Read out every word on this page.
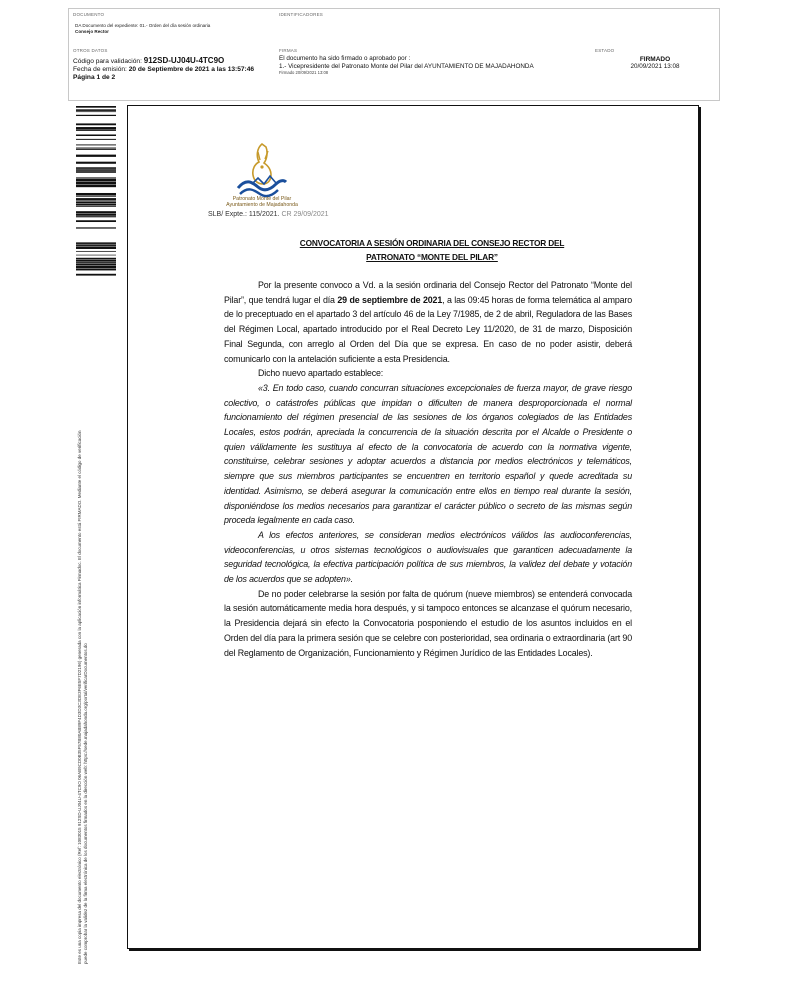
DOCUMENTO
DA Documento del expediente: 01.- Orden del día sesión ordinaria
Consejo Rector
IDENTIFICADORES
OTROS DATOS
Código para validación: 912SD-UJ04U-4TC9O
Fecha de emisión: 20 de Septiembre de 2021 a las 13:57:46
Página 1 de 2
FIRMAS
El documento ha sido firmado o aprobado por :
1.- Vicepresidente del Patronato Monte del Pilar del AYUNTAMIENTO DE MAJADAHONDA
Firmado 20/09/2021 13:08
ESTADO
FIRMADO
20/09/2021 13:08
Este es una copia impresa del documento electrónico (Ref: 1083015 912SD-UJ04U-4TC9O 06AB9CD0B35F57B80AB89F4D3D3C3DE3F6E5F7D2196) generada con la aplicación informática Firmadoc. El documento está FIRMADO. Mediante el código de verificación puede comprobar la validez de la firma electrónica de los documentos firmados en la dirección web: https://sede.majadahonda.org/portal/verificarDocumentos.do
Patronato Monte del Pilar
Ayuntamiento de Majadahonda
SLB/ Expte.: 115/2021. CR 29/09/2021
CONVOCATORIA A SESIÓN ORDINARIA DEL CONSEJO RECTOR DEL
PATRONATO “MONTE DEL PILAR”

Por la presente convoco a Vd. a la sesión ordinaria del Consejo Rector del Patronato “Monte del Pilar”, que tendrá lugar el día 29 de septiembre de 2021, a las 09:45 horas de forma telemática al amparo de lo preceptuado en el apartado 3 del artículo 46 de la Ley 7/1985, de 2 de abril, Reguladora de las Bases del Régimen Local, apartado introducido por el Real Decreto Ley 11/2020, de 31 de marzo, Disposición Final Segunda, con arreglo al Orden del Día que se expresa. En caso de no poder asistir, deberá comunicarlo con la antelación suficiente a esta Presidencia.

Dicho nuevo apartado establece:

«3. En todo caso, cuando concurran situaciones excepcionales de fuerza mayor, de grave riesgo colectivo, o catástrofes públicas que impidan o dificulten de manera desproporcionada el normal funcionamiento del régimen presencial de las sesiones de los órganos colegiados de las Entidades Locales, estos podrán, apreciada la concurrencia de la situación descrita por el Alcalde o Presidente o quien válidamente les sustituya al efecto de la convocatoria de acuerdo con la normativa vigente, constituirse, celebrar sesiones y adoptar acuerdos a distancia por medios electrónicos y telemáticos, siempre que sus miembros participantes se encuentren en territorio español y quede acreditada su identidad. Asimismo, se deberá asegurar la comunicación entre ellos en tiempo real durante la sesión, disponiéndose los medios necesarios para garantizar el carácter público o secreto de las mismas según proceda legalmente en cada caso.

A los efectos anteriores, se consideran medios electrónicos válidos las audioconferencias, videoconferencias, u otros sistemas tecnológicos o audiovisuales que garanticen adecuadamente la seguridad tecnológica, la efectiva participación política de sus miembros, la validez del debate y votación de los acuerdos que se adopten».

De no poder celebrarse la sesión por falta de quórum (nueve miembros) se entenderá convocada la sesión automáticamente media hora después, y si tampoco entonces se alcanzase el quórum necesario, la Presidencia dejará sin efecto la Convocatoria posponiendo el estudio de los asuntos incluidos en el Orden del día para la primera sesión que se celebre con posterioridad, sea ordinaria o extraordinaria (art 90 del Reglamento de Organización, Funcionamiento y Régimen Jurídico de las Entidades Locales).
